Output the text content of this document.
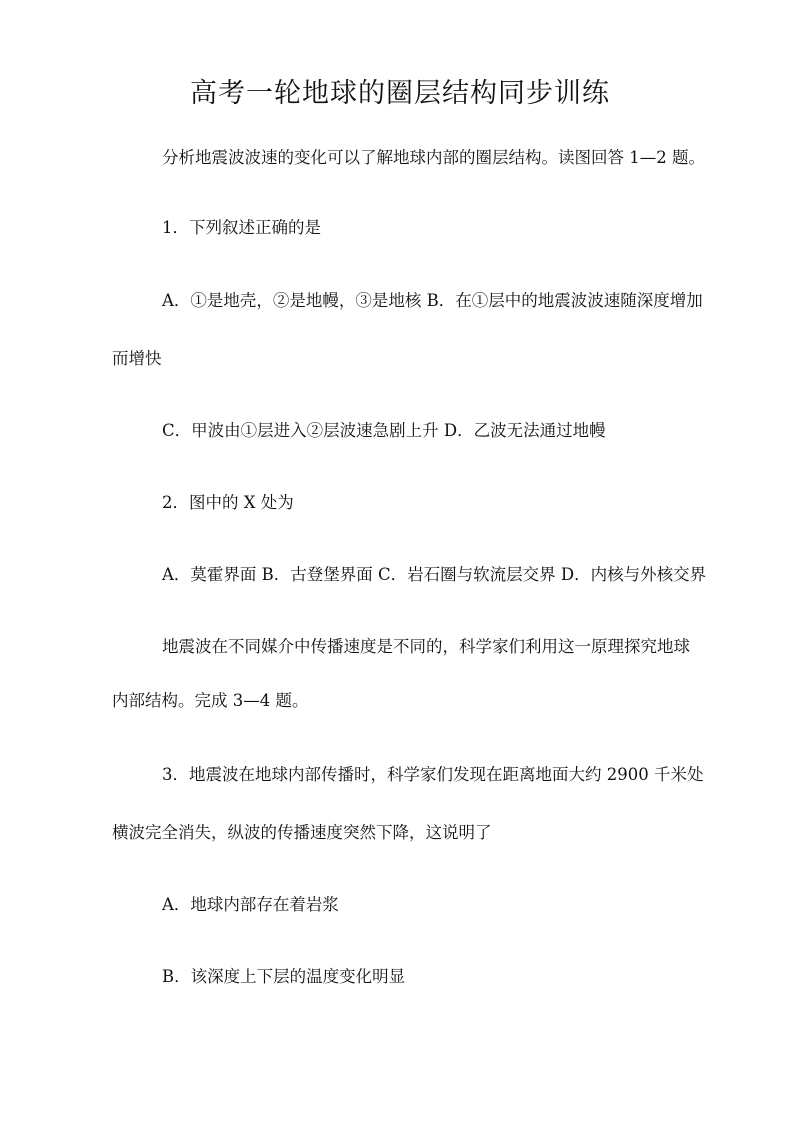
高考一轮地球的圈层结构同步训练
分析地震波波速的变化可以了解地球内部的圈层结构。读图回答 1—2 题。
1．下列叙述正确的是
A．①是地壳，②是地幔，③是地核 B．在①层中的地震波波速随深度增加
而增快
C．甲波由①层进入②层波速急剧上升 D．乙波无法通过地幔
2．图中的 X 处为
A．莫霍界面 B．古登堡界面 C．岩石圈与软流层交界 D．内核与外核交界
地震波在不同媒介中传播速度是不同的，科学家们利用这一原理探究地球
内部结构。完成 3—4 题。
3．地震波在地球内部传播时，科学家们发现在距离地面大约 2900 千米处
横波完全消失，纵波的传播速度突然下降，这说明了
A．地球内部存在着岩浆
B．该深度上下层的温度变化明显
